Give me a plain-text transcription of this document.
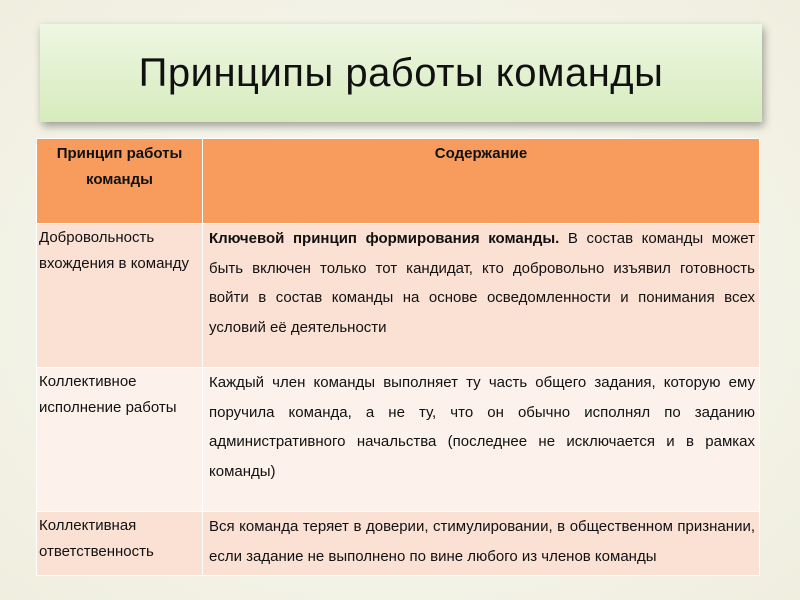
Принципы работы команды
Принцип работы команды	Содержание
Добровольность вхождения в команду	Ключевой принцип формирования команды. В состав команды может быть включен только тот кандидат, кто добровольно изъявил готовность войти в состав команды на основе осведомленности и понимания всех условий её деятельности
Коллективное исполнение работы	Каждый член команды выполняет ту часть общего задания, которую ему поручила команда, а не ту, что он обычно исполнял по заданию административного начальства (последнее не исключается и в рамках команды)
Коллективная ответственность	Вся команда теряет в доверии, стимулировании, в общественном признании, если задание не выполнено по вине любого из членов команды
